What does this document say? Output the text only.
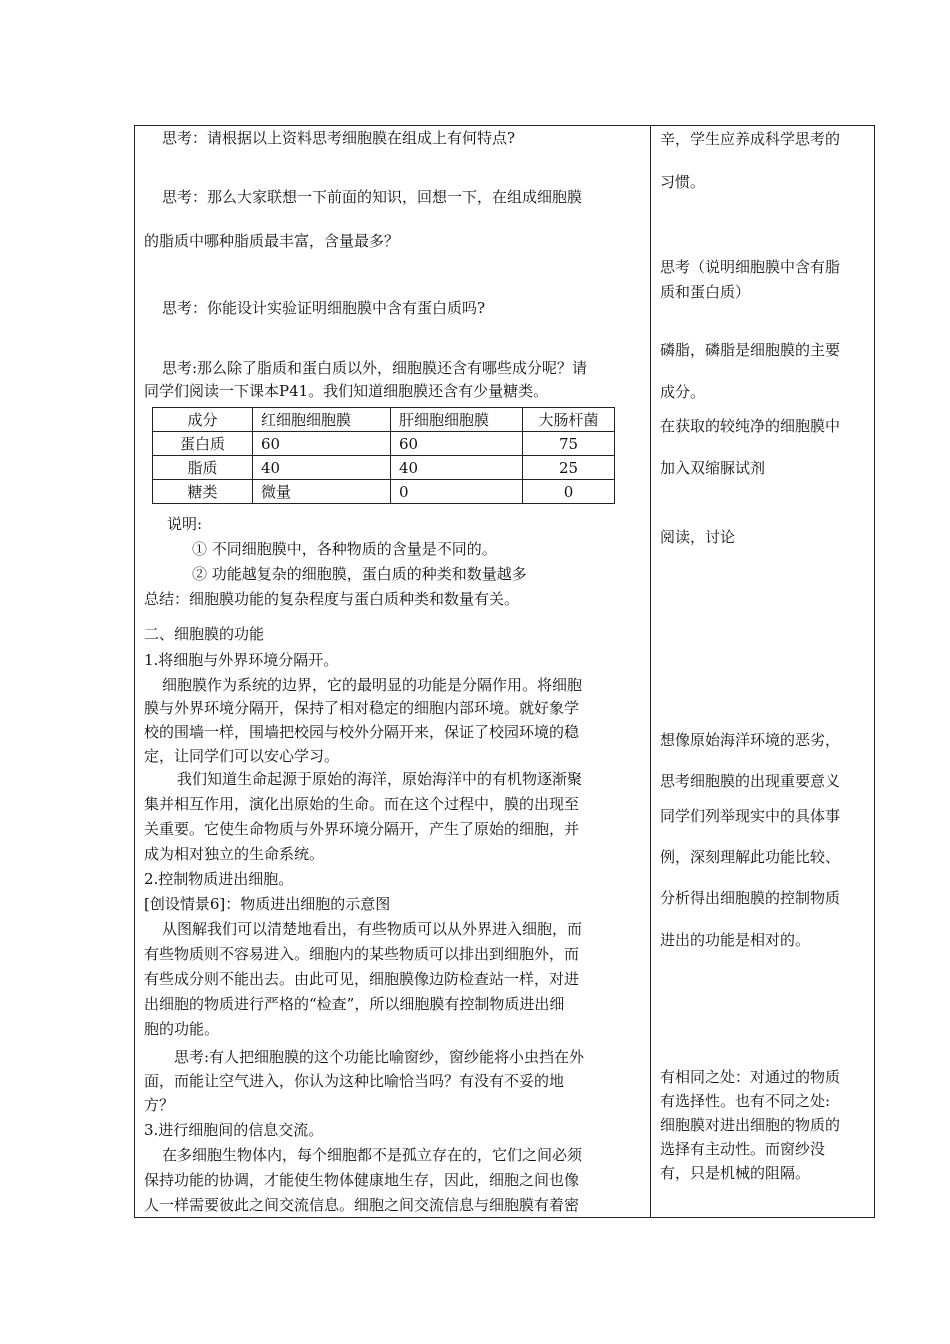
思考：请根据以上资料思考细胞膜在组成上有何特点?
思考：那么大家联想一下前面的知识，回想一下，在组成细胞膜
的脂质中哪种脂质最丰富，含量最多？
思考：你能设计实验证明细胞膜中含有蛋白质吗?
思考:那么除了脂质和蛋白质以外，细胞膜还含有哪些成分呢？请
同学们阅读一下课本P41。我们知道细胞膜还含有少量糖类。
成分	红细胞细胞膜	肝细胞细胞膜	大肠杆菌
蛋白质	60	60	75
脂质	40	40	25
糖类	微量	0	0
说明:
① 不同细胞膜中，各种物质的含量是不同的。
② 功能越复杂的细胞膜，蛋白质的种类和数量越多
总结：细胞膜功能的复杂程度与蛋白质种类和数量有关。
二、细胞膜的功能
1.将细胞与外界环境分隔开。
细胞膜作为系统的边界，它的最明显的功能是分隔作用。将细胞
膜与外界环境分隔开，保持了相对稳定的细胞内部环境。就好象学
校的围墙一样，围墙把校园与校外分隔开来，保证了校园环境的稳
定，让同学们可以安心学习。
我们知道生命起源于原始的海洋，原始海洋中的有机物逐渐聚
集并相互作用，演化出原始的生命。而在这个过程中，膜的出现至
关重要。它使生命物质与外界环境分隔开，产生了原始的细胞，并
成为相对独立的生命系统。
2.控制物质进出细胞。
[创设情景6]：物质进出细胞的示意图
从图解我们可以清楚地看出，有些物质可以从外界进入细胞，而
有些物质则不容易进入。细胞内的某些物质可以排出到细胞外，而
有些成分则不能出去。由此可见，细胞膜像边防检查站一样，对进
出细胞的物质进行严格的“检查”，所以细胞膜有控制物质进出细
胞的功能。
思考:有人把细胞膜的这个功能比喻窗纱，窗纱能将小虫挡在外
面，而能让空气进入，你认为这种比喻恰当吗？有没有不妥的地
方？
3.进行细胞间的信息交流。
在多细胞生物体内，每个细胞都不是孤立存在的，它们之间必须
保持功能的协调，才能使生物体健康地生存，因此，细胞之间也像
人一样需要彼此之间交流信息。细胞之间交流信息与细胞膜有着密
辛，学生应养成科学思考的
习惯。
思考（说明细胞膜中含有脂
质和蛋白质）
磷脂，磷脂是细胞膜的主要
成分。
在获取的较纯净的细胞膜中
加入双缩脲试剂
阅读，讨论
想像原始海洋环境的恶劣，
思考细胞膜的出现重要意义
同学们列举现实中的具体事
例，深刻理解此功能比较、
分析得出细胞膜的控制物质
进出的功能是相对的。
有相同之处：对通过的物质
有选择性。也有不同之处:
细胞膜对进出细胞的物质的
选择有主动性。而窗纱没
有，只是机械的阻隔。
